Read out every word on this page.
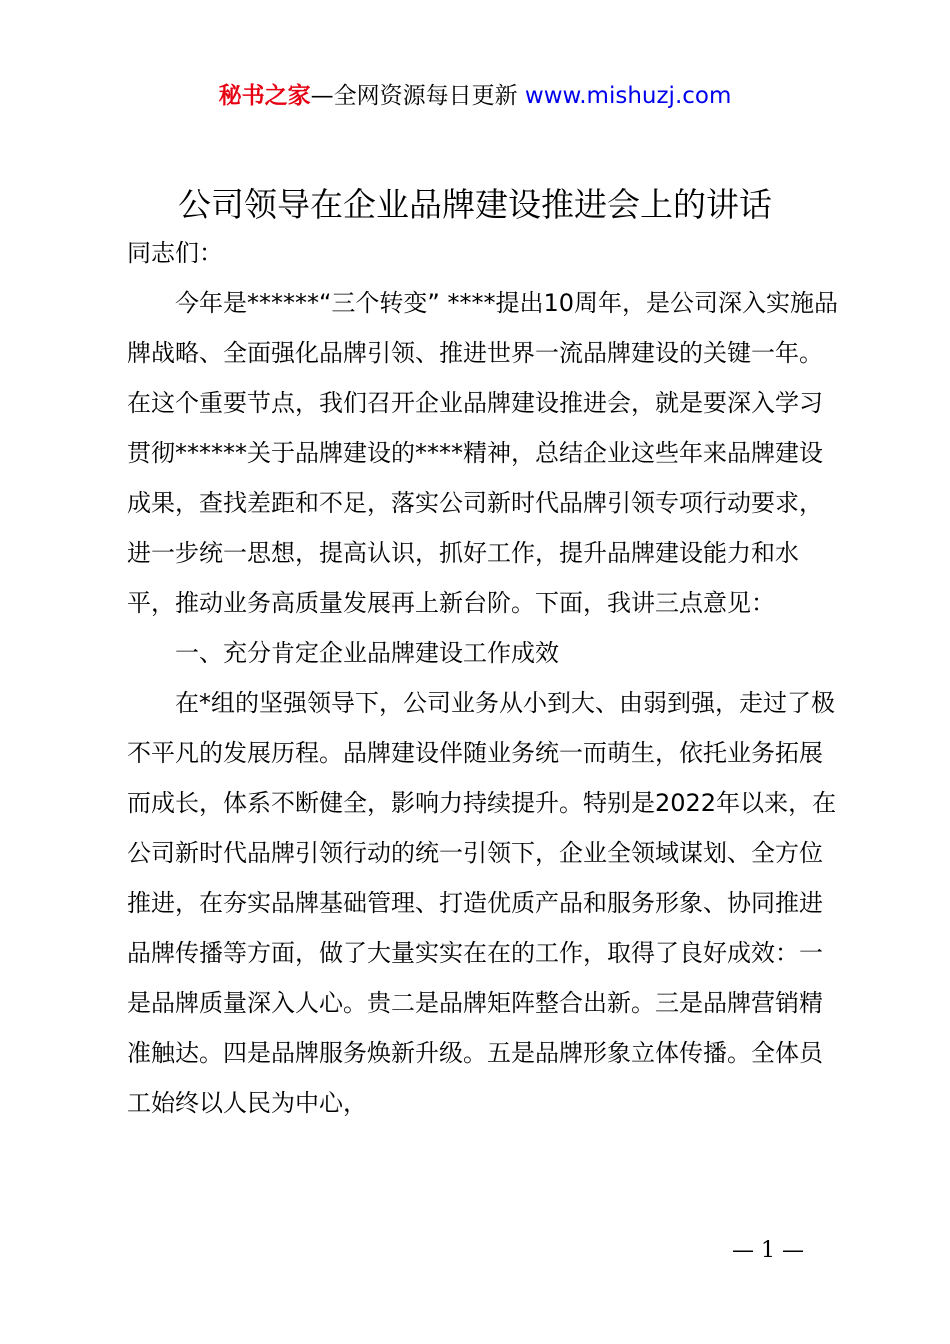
秘书之家—全网资源每日更新 www.mishuzj.com
公司领导在企业品牌建设推进会上的讲话

同志们：

今年是******“三个转变” ****提出10周年，是公司深入实施品牌战略、全面强化品牌引领、推进世界一流品牌建设的关键一年。在这个重要节点，我们召开企业品牌建设推进会，就是要深入学习贯彻******关于品牌建设的****精神，总结企业这些年来品牌建设成果，查找差距和不足，落实公司新时代品牌引领专项行动要求，进一步统一思想，提高认识，抓好工作，提升品牌建设能力和水平，推动业务高质量发展再上新台阶。下面，我讲三点意见：

一、充分肯定企业品牌建设工作成效

在*组的坚强领导下，公司业务从小到大、由弱到强，走过了极不平凡的发展历程。品牌建设伴随业务统一而萌生，依托业务拓展而成长，体系不断健全，影响力持续提升。特别是2022年以来，在公司新时代品牌引领行动的统一引领下，企业全领域谋划、全方位推进，在夯实品牌基础管理、打造优质产品和服务形象、协同推进品牌传播等方面，做了大量实实在在的工作，取得了良好成效：一是品牌质量深入人心。贵二是品牌矩阵整合出新。三是品牌营销精准触达。四是品牌服务焕新升级。五是品牌形象立体传播。全体员工始终以人民为中心，

— 1 —
